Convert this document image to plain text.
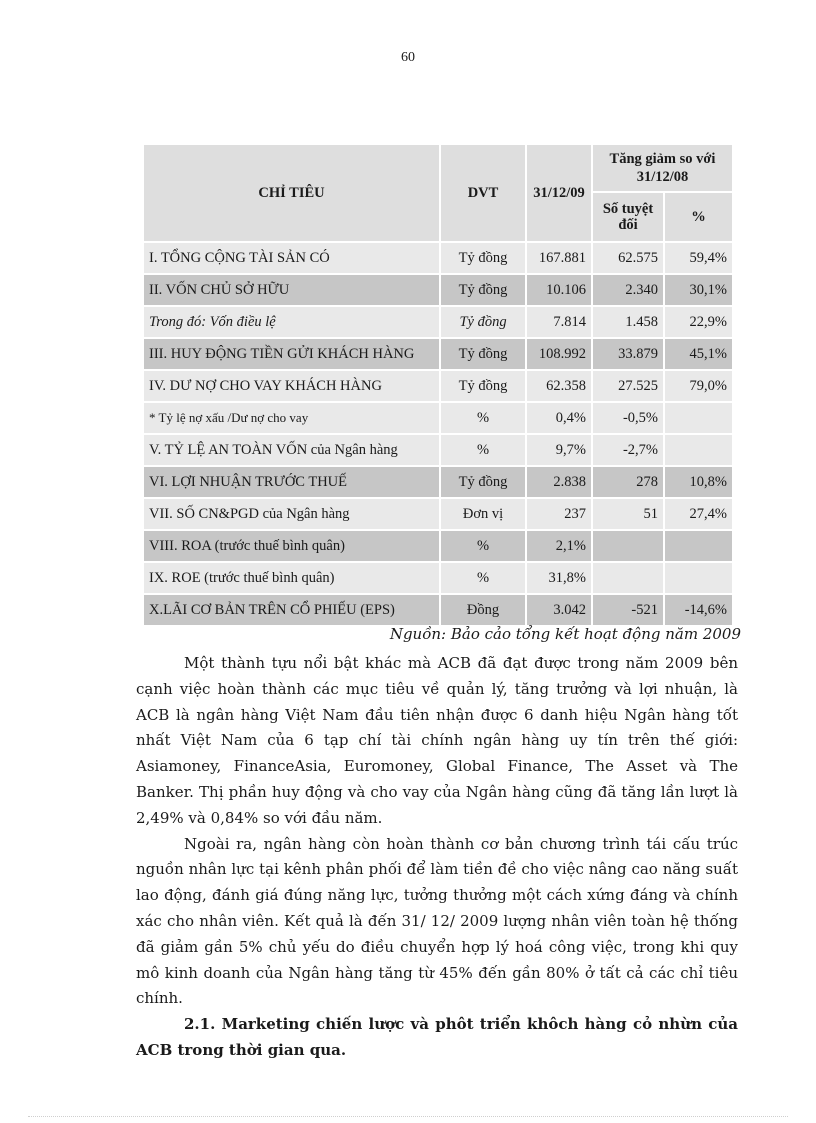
60
CHỈ TIÊU	DVT	31/12/09	Tăng giảm so với 31/12/08	
			Số tuyệt đối	%
I. TỔNG CỘNG TÀI SẢN CÓ	Tỷ đồng	167.881	62.575	59,4%
II. VỐN CHỦ SỞ HỮU	Tỷ đồng	10.106	2.340	30,1%
Trong đó: Vốn điều lệ	Tỷ đồng	7.814	1.458	22,9%
III. HUY ĐỘNG TIỀN GỬI KHÁCH HÀNG	Tỷ đồng	108.992	33.879	45,1%
IV. DƯ NỢ CHO VAY KHÁCH HÀNG	Tỷ đồng	62.358	27.525	79,0%
* Tỷ lệ nợ xấu /Dư nợ cho vay	%	0,4%	-0,5%	
V. TỶ LỆ AN TOÀN VỐN của Ngân hàng	%	9,7%	-2,7%	
VI. LỢI NHUẬN TRƯỚC THUẾ	Tỷ đồng	2.838	278	10,8%
VII. SỐ CN&PGD của Ngân hàng	Đơn vị	237	51	27,4%
VIII. ROA (trước thuế bình quân)	%	2,1%		
IX. ROE (trước thuế bình quân)	%	31,8%		
X.LÃI CƠ BẢN TRÊN CỔ PHIẾU (EPS)	Đồng	3.042	-521	-14,6%
Nguồn: Bảo cảo tổng kết hoạt động năm 2009

Một thành tựu nổi bật khác mà ACB đã đạt được trong năm 2009 bên cạnh việc hoàn thành các mục tiêu về quản lý, tăng trưởng và lợi nhuận, là ACB là ngân hàng Việt Nam đầu tiên nhận được 6 danh hiệu Ngân hàng tốt nhất Việt Nam của 6 tạp chí tài chính ngân hàng uy tín trên thế giới: Asiamoney, FinanceAsia, Euromoney, Global Finance, The Asset và The Banker. Thị phần huy động và cho vay của Ngân hàng cũng đã tăng lần lượt là 2,49% và 0,84% so với đầu năm.

Ngoài ra, ngân hàng còn hoàn thành cơ bản chương trình tái cấu trúc nguồn nhân lực tại kênh phân phối để làm tiền đề cho việc nâng cao năng suất lao động, đánh giá đúng năng lực, tưởng thưởng một cách xứng đáng và chính xác cho nhân viên. Kết quả là đến 31/ 12/ 2009 lượng nhân viên toàn hệ thống đã giảm gần 5% chủ yếu do điều chuyển hợp lý hoá công việc, trong khi quy mô kinh doanh của Ngân hàng tăng từ 45% đến gần 80% ở tất cả các chỉ tiêu chính.

2.1. Marketing chiến lược và phôt triển khôch hàng cỏ nhừn của ACB trong thời gian qua.
